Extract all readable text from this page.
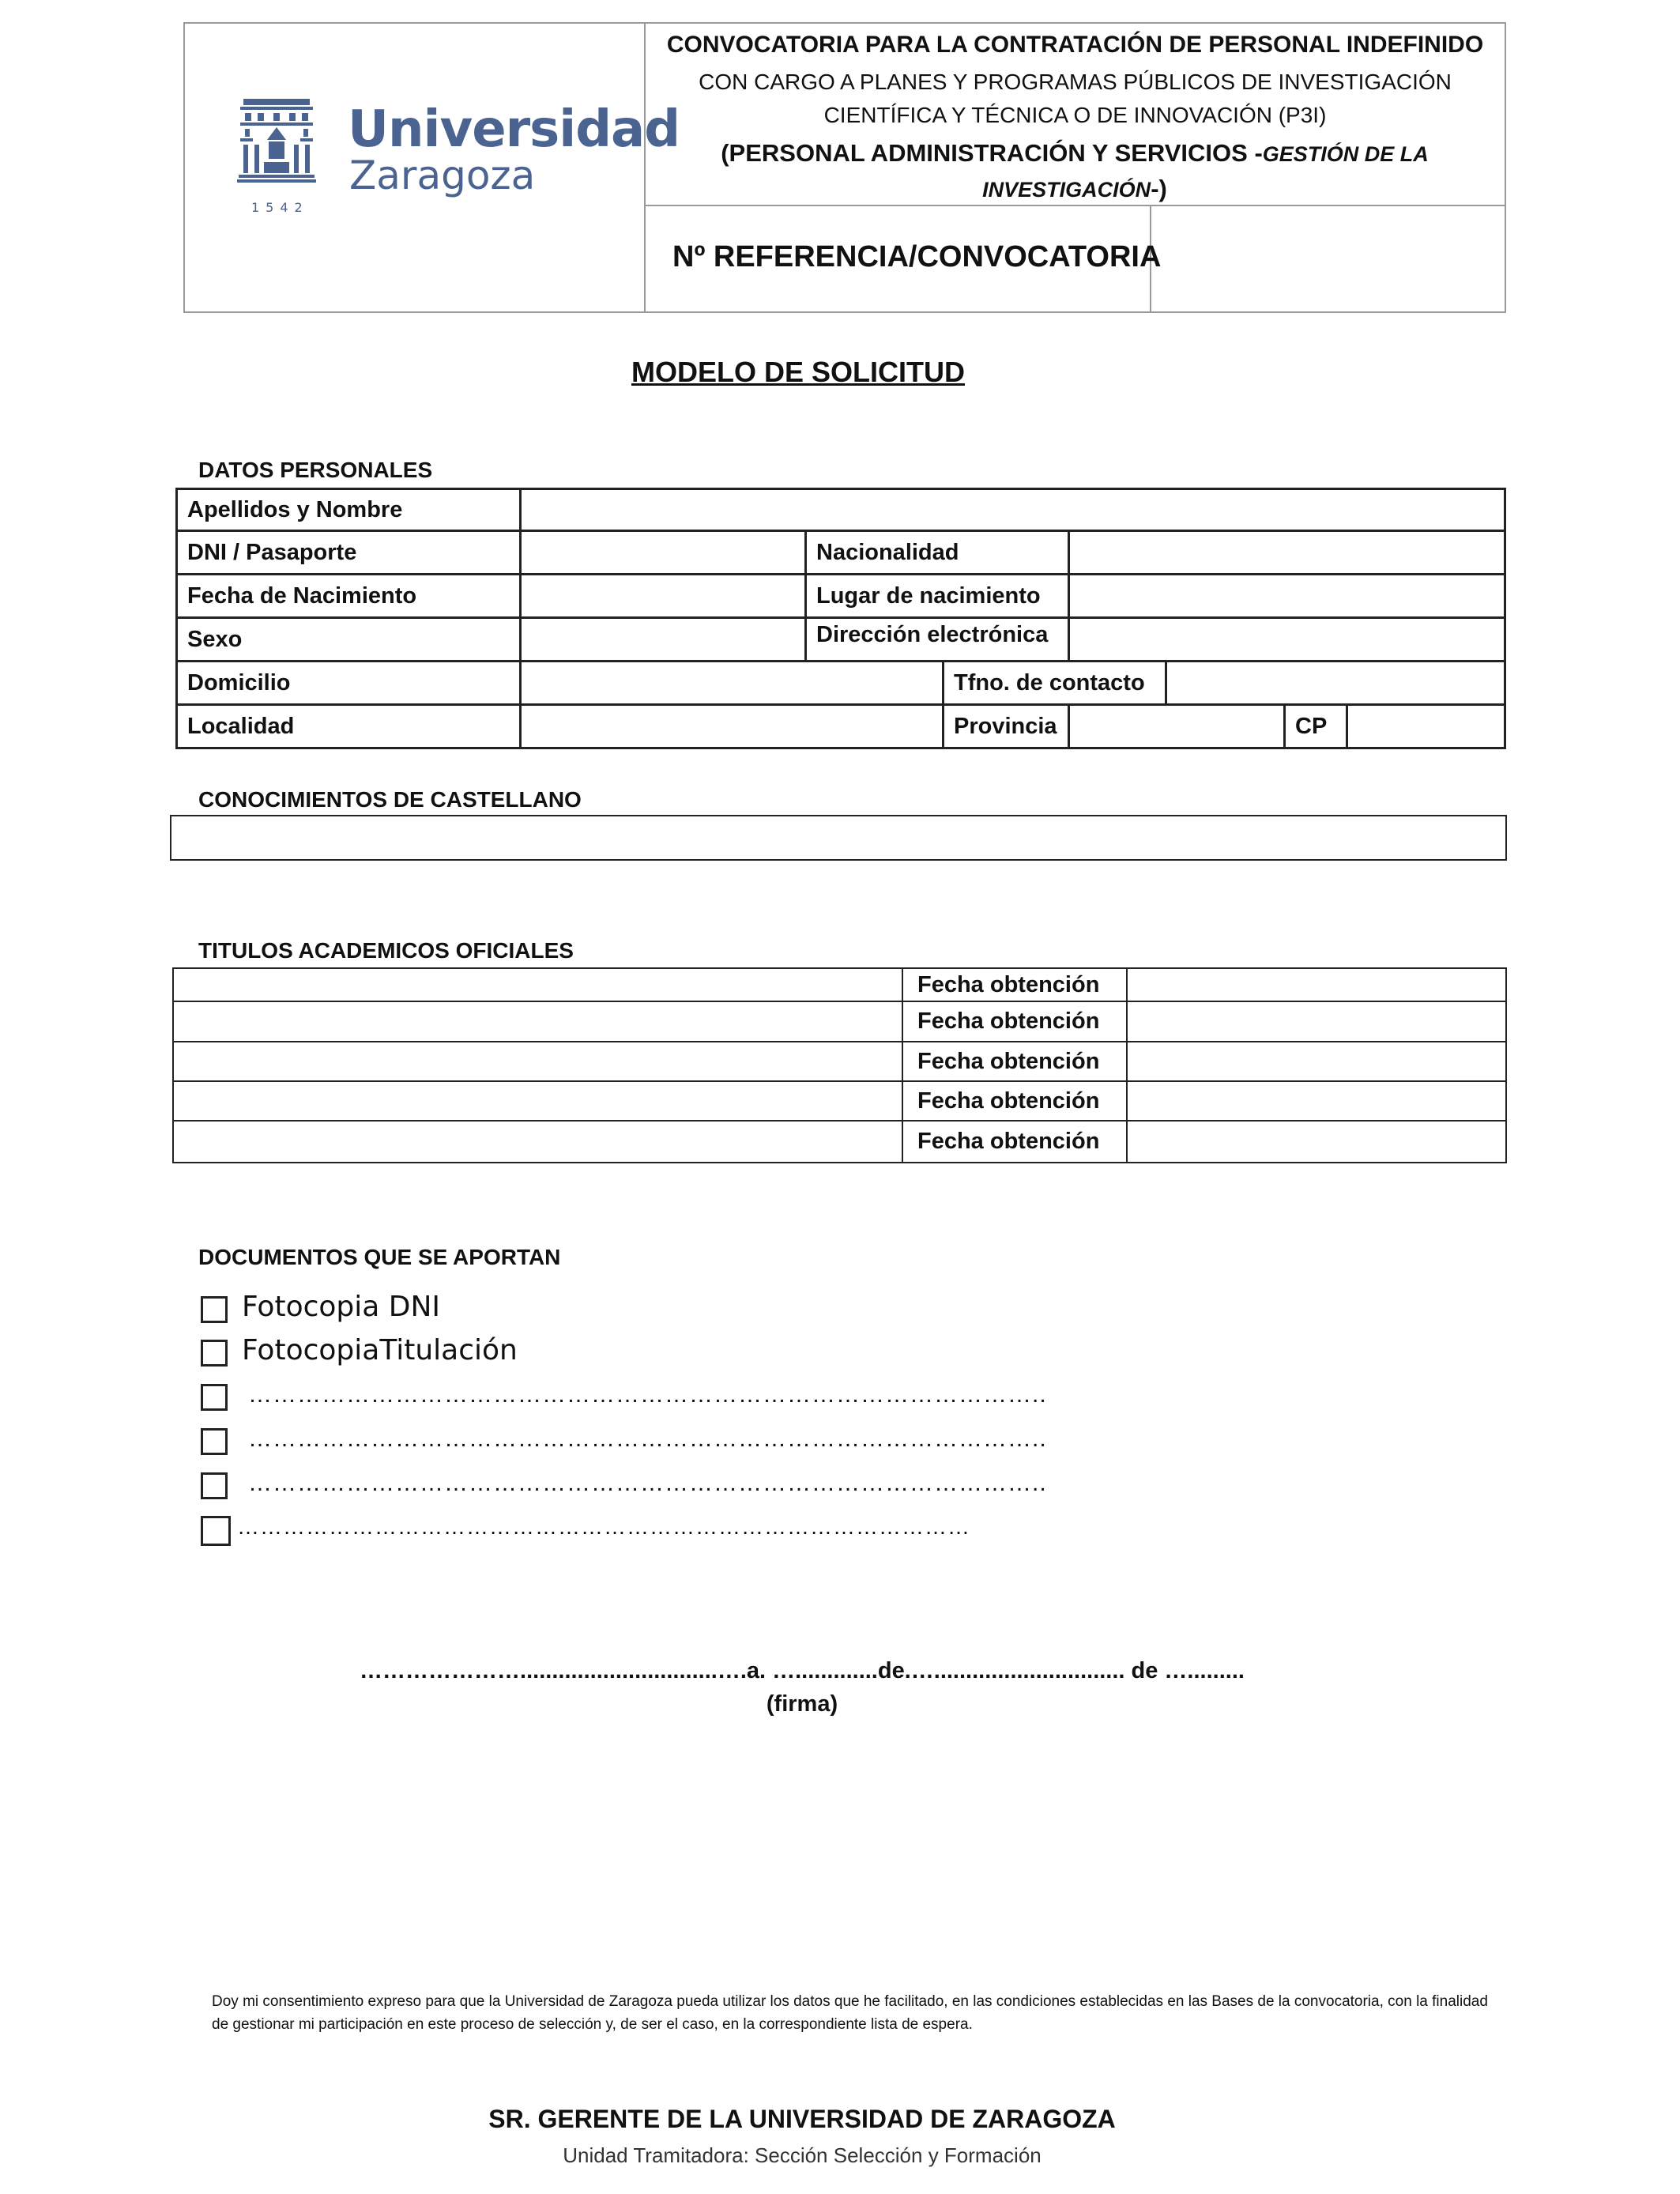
Universidad
Zaragoza
1542
CONVOCATORIA PARA LA CONTRATACIÓN DE PERSONAL INDEFINIDO
CON CARGO A PLANES Y PROGRAMAS PÚBLICOS DE INVESTIGACIÓN
CIENTÍFICA Y TÉCNICA O DE INNOVACIÓN (P3I)
(PERSONAL ADMINISTRACIÓN Y SERVICIOS -GESTIÓN DE LA INVESTIGACIÓN-)
Nº REFERENCIA/CONVOCATORIA
MODELO DE SOLICITUD
DATOS PERSONALES
Apellidos y Nombre
DNI / Pasaporte	Nacionalidad
Fecha de Nacimiento	Lugar de nacimiento
Sexo	Dirección electrónica
Domicilio	Tfno. de contacto
Localidad	Provincia	CP
CONOCIMIENTOS DE CASTELLANO
TITULOS ACADEMICOS OFICIALES
Fecha obtención
Fecha obtención
Fecha obtención
Fecha obtención
Fecha obtención
DOCUMENTOS QUE SE APORTAN
Fotocopia DNI
FotocopiaTitulación
……………………………………………………………………………………..
……………………………………………………………………………………..
……………………………………………………………………………………..
……………………………………………………………………………………
…………………...............................….a. ….............de.….............................. de ….........
(firma)
Doy mi consentimiento expreso para que la Universidad de Zaragoza pueda utilizar los datos que he facilitado, en las condiciones establecidas en las Bases de la convocatoria, con la finalidad de gestionar mi participación en este proceso de selección y, de ser el caso, en la correspondiente lista de espera.
SR. GERENTE DE LA UNIVERSIDAD DE ZARAGOZA
Unidad Tramitadora: Sección Selección y Formación
